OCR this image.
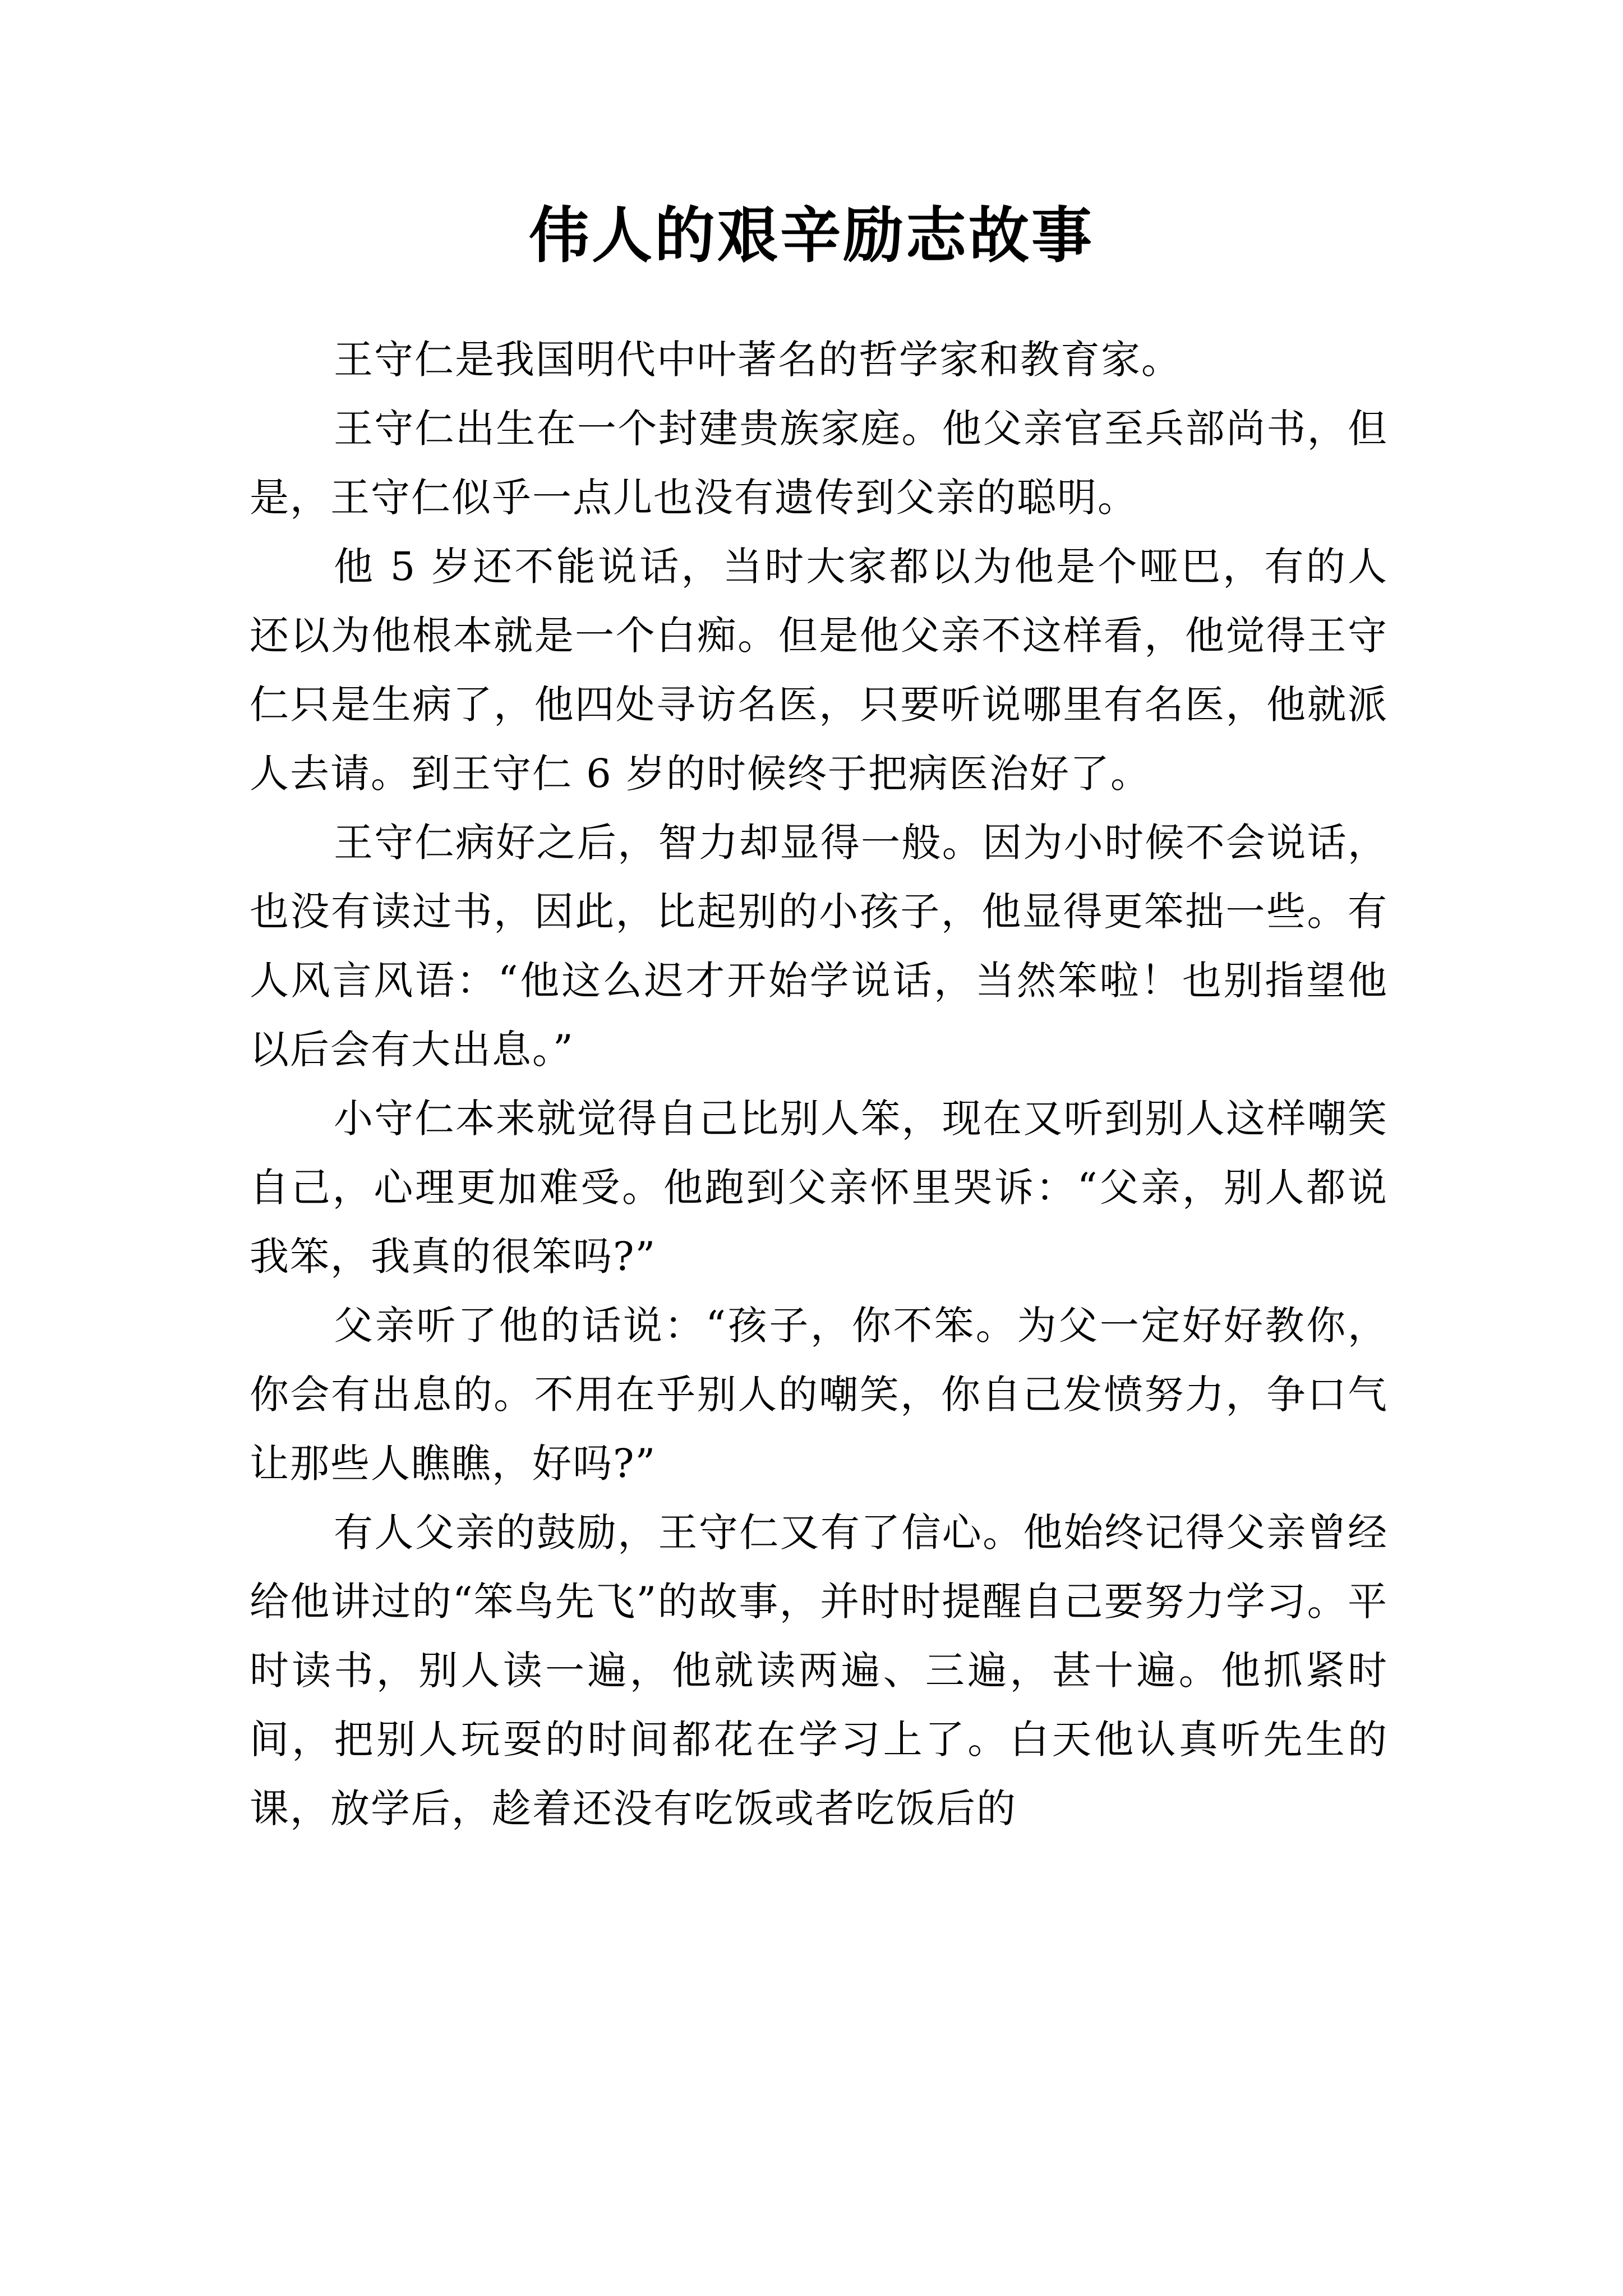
伟人的艰辛励志故事

王守仁是我国明代中叶著名的哲学家和教育家。

王守仁出生在一个封建贵族家庭。他父亲官至兵部尚书，但是，王守仁似乎一点儿也没有遗传到父亲的聪明。

他 5 岁还不能说话，当时大家都以为他是个哑巴，有的人还以为他根本就是一个白痴。但是他父亲不这样看，他觉得王守仁只是生病了，他四处寻访名医，只要听说哪里有名医，他就派人去请。到王守仁 6 岁的时候终于把病医治好了。

王守仁病好之后，智力却显得一般。因为小时候不会说话，也没有读过书，因此，比起别的小孩子，他显得更笨拙一些。有人风言风语：“他这么迟才开始学说话，当然笨啦！也别指望他以后会有大出息。”

小守仁本来就觉得自己比别人笨，现在又听到别人这样嘲笑自己，心理更加难受。他跑到父亲怀里哭诉：“父亲，别人都说我笨，我真的很笨吗?”

父亲听了他的话说：“孩子，你不笨。为父一定好好教你，你会有出息的。不用在乎别人的嘲笑，你自己发愤努力，争口气让那些人瞧瞧，好吗?”

有人父亲的鼓励，王守仁又有了信心。他始终记得父亲曾经给他讲过的“笨鸟先飞”的故事，并时时提醒自己要努力学习。平时读书，别人读一遍，他就读两遍、三遍，甚十遍。他抓紧时间，把别人玩耍的时间都花在学习上了。白天他认真听先生的课，放学后，趁着还没有吃饭或者吃饭后的
